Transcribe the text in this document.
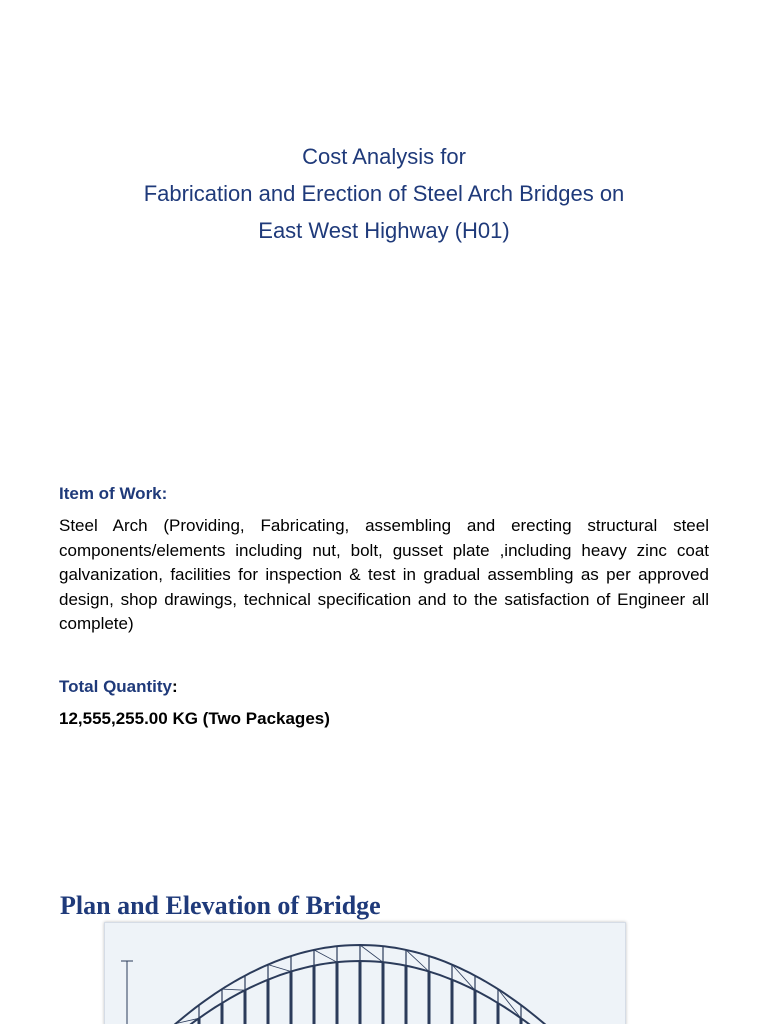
Cost Analysis for
Fabrication and Erection of Steel Arch Bridges on
East West Highway (H01)
Item of Work:
Steel Arch (Providing, Fabricating, assembling and erecting structural steel components/elements including nut, bolt, gusset plate ,including heavy zinc coat galvanization, facilities for inspection & test in gradual assembling as per approved design, shop drawings, technical specification and to the satisfaction of Engineer all complete)
Total Quantity:
12,555,255.00 KG (Two Packages)
Plan and Elevation of Bridge
